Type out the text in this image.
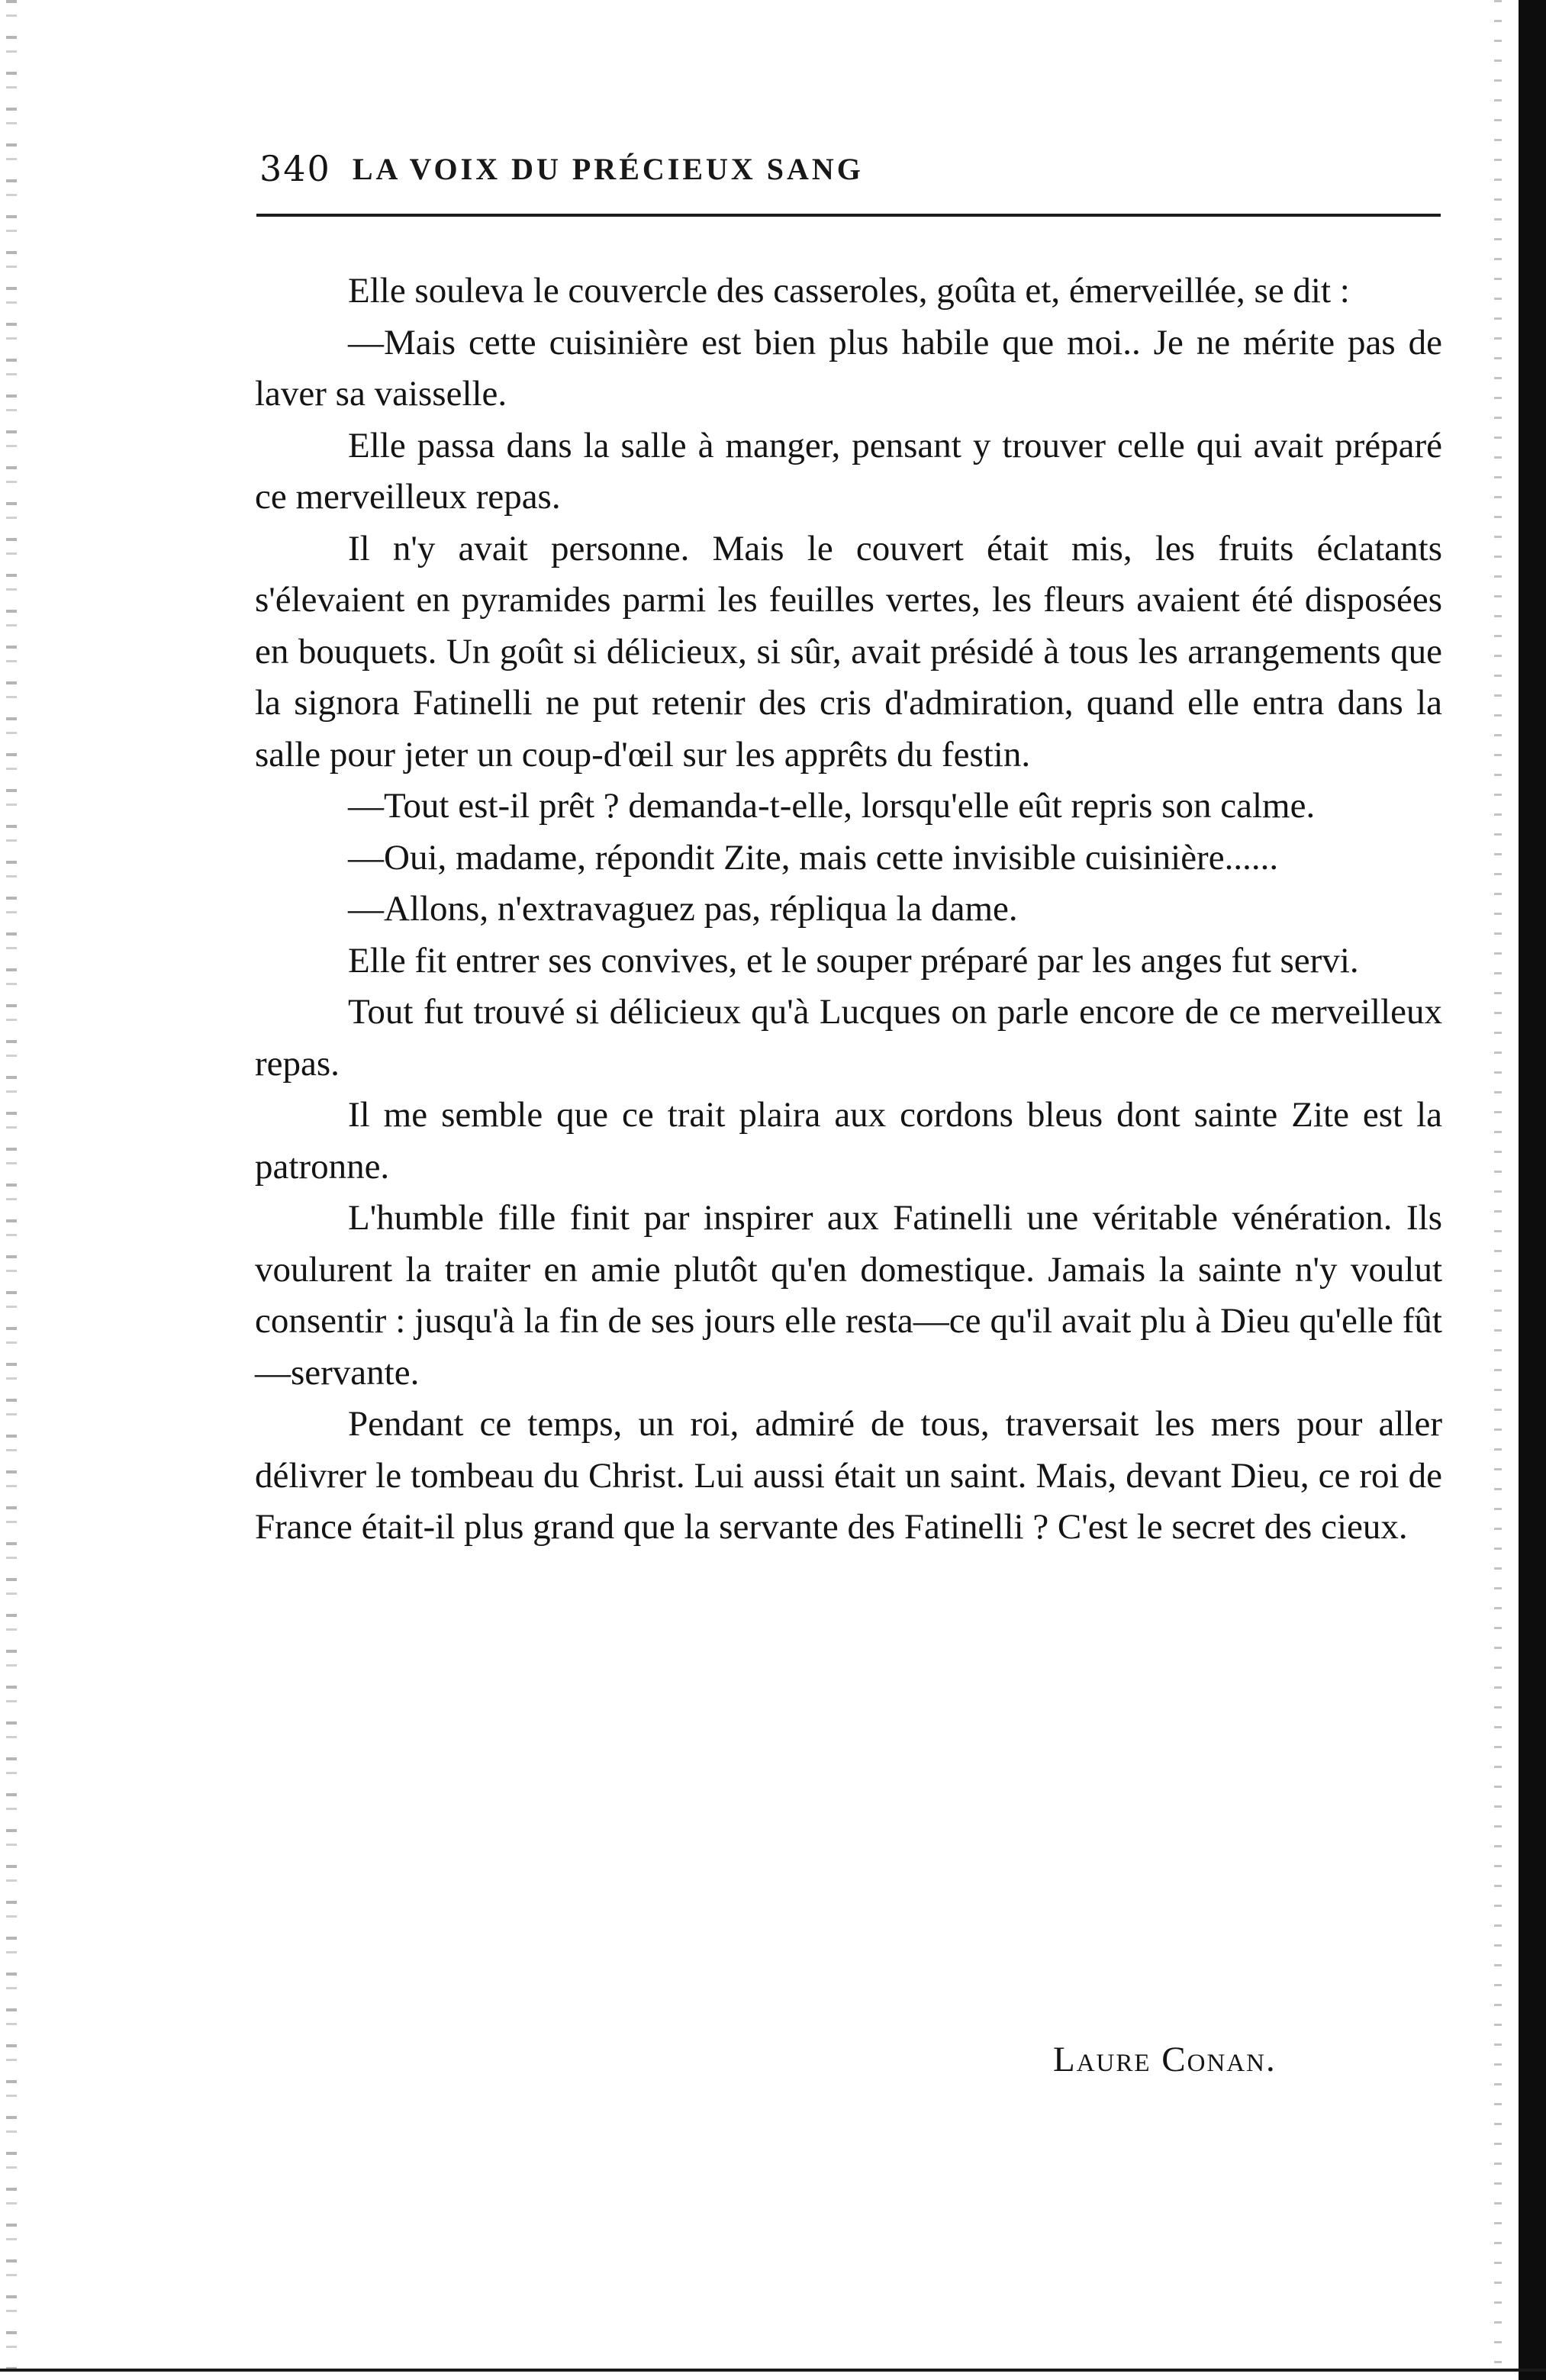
340 LA VOIX DU PRÉCIEUX SANG

Elle souleva le couvercle des casseroles, goûta et, émerveillée, se dit :

—Mais cette cuisinière est bien plus habile que moi.. Je ne mérite pas de laver sa vaisselle.

Elle passa dans la salle à manger, pensant y trouver celle qui avait préparé ce merveilleux repas.

Il n'y avait personne. Mais le couvert était mis, les fruits éclatants s'élevaient en pyramides parmi les feuilles vertes, les fleurs avaient été disposées en bouquets. Un goût si délicieux, si sûr, avait présidé à tous les arrangements que la signora Fatinelli ne put retenir des cris d'admiration, quand elle entra dans la salle pour jeter un coup-d'œil sur les apprêts du festin.

—Tout est-il prêt ? demanda-t-elle, lorsqu'elle eût repris son calme.

—Oui, madame, répondit Zite, mais cette invisible cuisinière......

—Allons, n'extravaguez pas, répliqua la dame.

Elle fit entrer ses convives, et le souper préparé par les anges fut servi.

Tout fut trouvé si délicieux qu'à Lucques on parle encore de ce merveilleux repas.

Il me semble que ce trait plaira aux cordons bleus dont sainte Zite est la patronne.

L'humble fille finit par inspirer aux Fatinelli une véritable vénération. Ils voulurent la traiter en amie plutôt qu'en domestique. Jamais la sainte n'y voulut consentir : jusqu'à la fin de ses jours elle resta—ce qu'il avait plu à Dieu qu'elle fût—servante.

Pendant ce temps, un roi, admiré de tous, traversait les mers pour aller délivrer le tombeau du Christ. Lui aussi était un saint. Mais, devant Dieu, ce roi de France était-il plus grand que la servante des Fatinelli ? C'est le secret des cieux.

Laure Conan.
